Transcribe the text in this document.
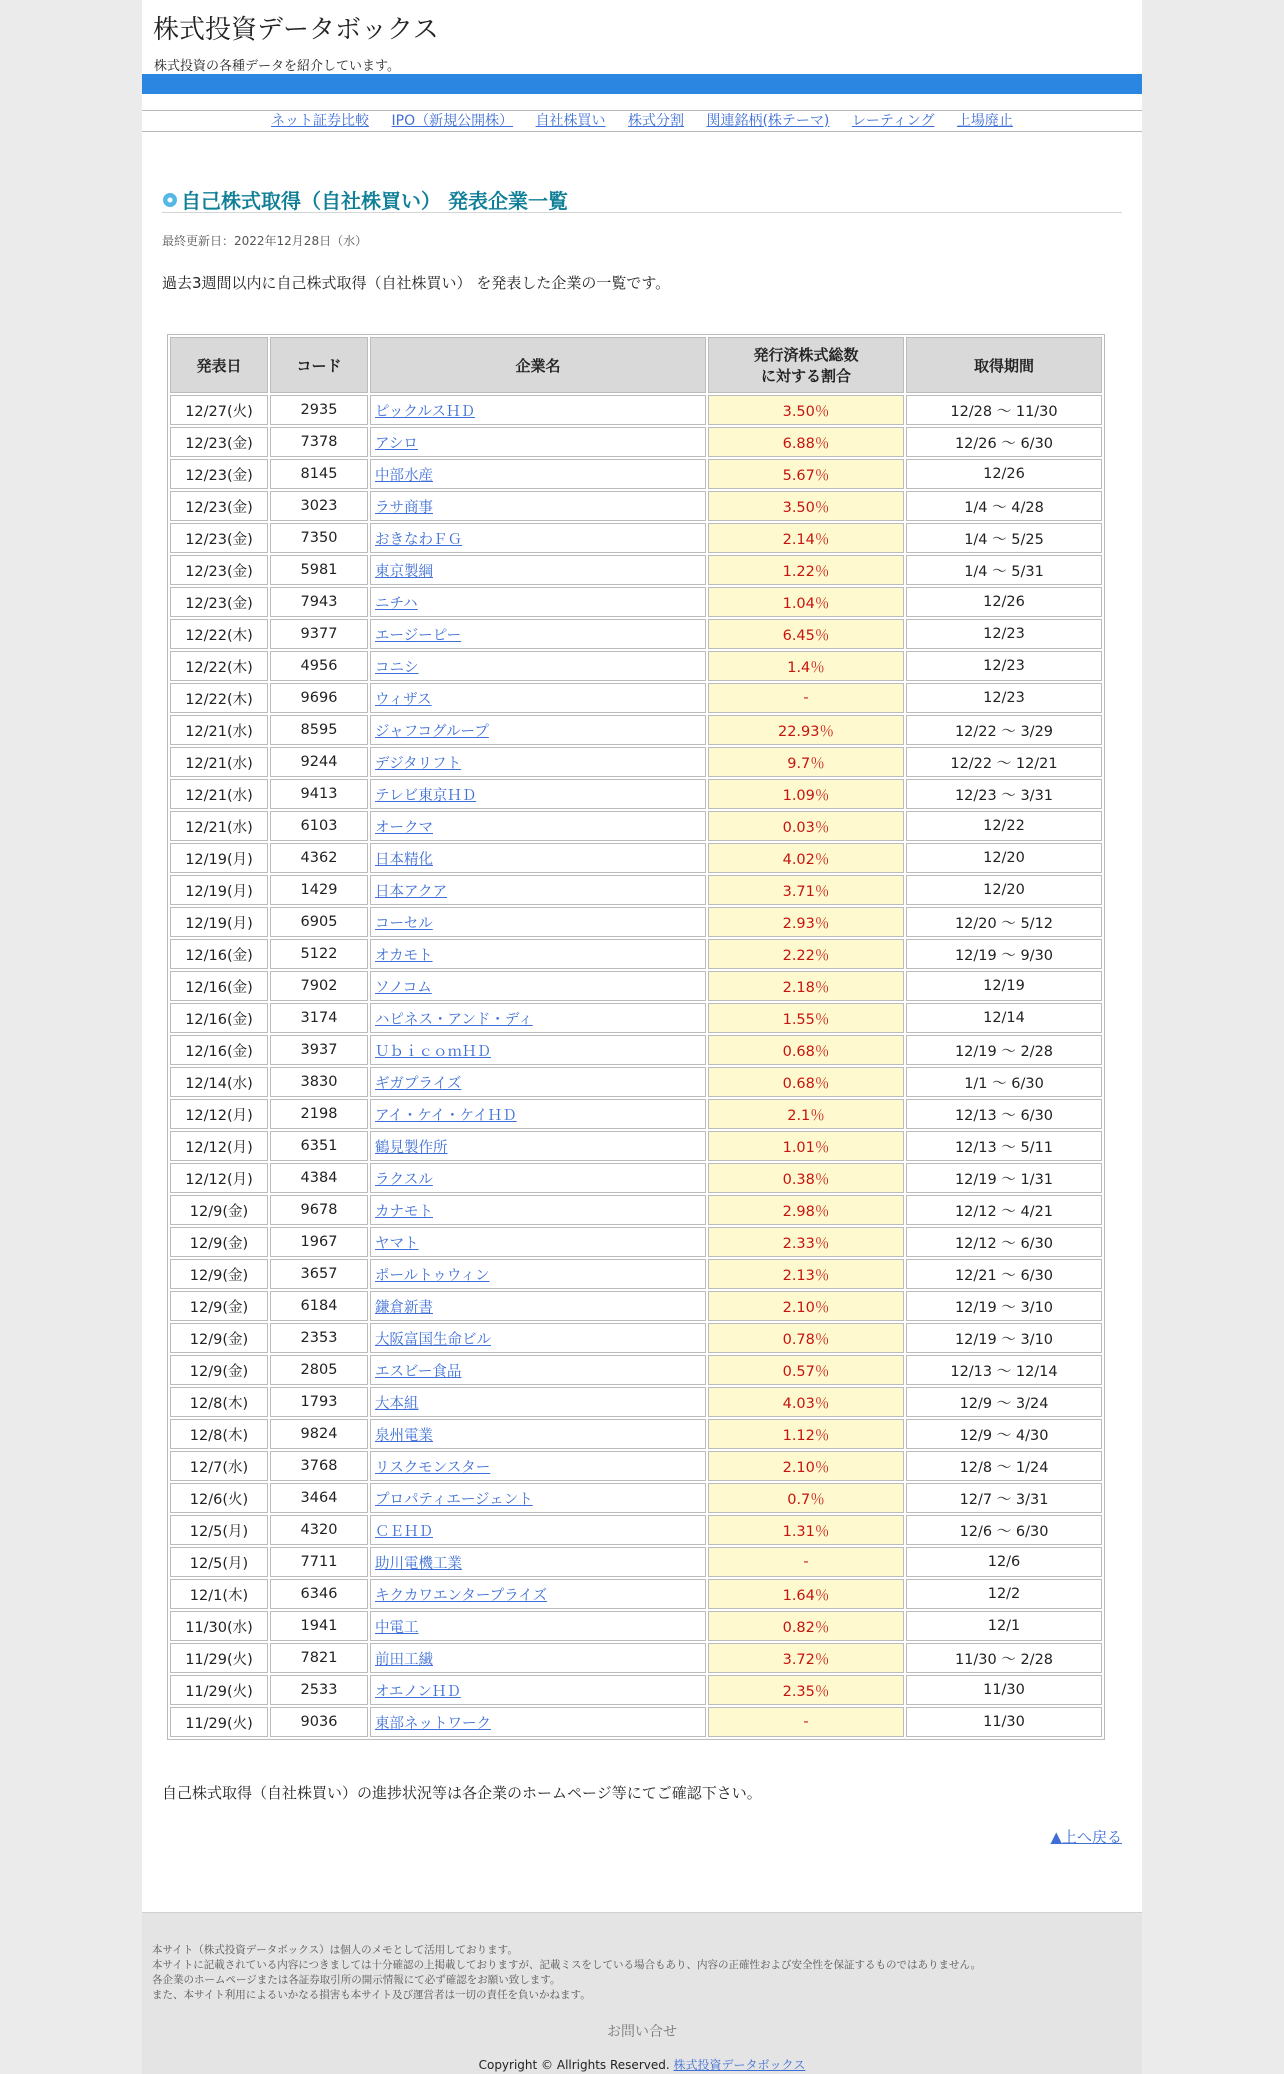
株式投資データボックス
株式投資の各種データを紹介しています。
ネット証券比較 IPO（新規公開株） 自社株買い 株式分割 関連銘柄(株テーマ) レーティング 上場廃止
自己株式取得（自社株買い） 発表企業一覧
最終更新日：2022年12月28日（水）
過去3週間以内に自己株式取得（自社株買い） を発表した企業の一覧です。
発表日	コード	企業名	発行済株式総数
に対する割合	取得期間
12/27(火)	2935	ピックルスＨＤ	3.50％	12/28 ～ 11/30
12/23(金)	7378	アシロ	6.88％	12/26 ～ 6/30
12/23(金)	8145	中部水産	5.67％	12/26
12/23(金)	3023	ラサ商事	3.50％	1/4 ～ 4/28
12/23(金)	7350	おきなわＦＧ	2.14％	1/4 ～ 5/25
12/23(金)	5981	東京製綱	1.22％	1/4 ～ 5/31
12/23(金)	7943	ニチハ	1.04％	12/26
12/22(木)	9377	エージーピー	6.45％	12/23
12/22(木)	4956	コニシ	1.4％	12/23
12/22(木)	9696	ウィザス	-	12/23
12/21(水)	8595	ジャフコグループ	22.93％	12/22 ～ 3/29
12/21(水)	9244	デジタリフト	9.7％	12/22 ～ 12/21
12/21(水)	9413	テレビ東京ＨＤ	1.09％	12/23 ～ 3/31
12/21(水)	6103	オークマ	0.03％	12/22
12/19(月)	4362	日本精化	4.02％	12/20
12/19(月)	1429	日本アクア	3.71％	12/20
12/19(月)	6905	コーセル	2.93％	12/20 ～ 5/12
12/16(金)	5122	オカモト	2.22％	12/19 ～ 9/30
12/16(金)	7902	ソノコム	2.18％	12/19
12/16(金)	3174	ハピネス・アンド・ディ	1.55％	12/14
12/16(金)	3937	ＵｂｉｃｏｍＨＤ	0.68％	12/19 ～ 2/28
12/14(水)	3830	ギガプライズ	0.68％	1/1 ～ 6/30
12/12(月)	2198	アイ・ケイ・ケイＨＤ	2.1％	12/13 ～ 6/30
12/12(月)	6351	鶴見製作所	1.01％	12/13 ～ 5/11
12/12(月)	4384	ラクスル	0.38％	12/19 ～ 1/31
12/9(金)	9678	カナモト	2.98％	12/12 ～ 4/21
12/9(金)	1967	ヤマト	2.33％	12/12 ～ 6/30
12/9(金)	3657	ポールトゥウィン	2.13％	12/21 ～ 6/30
12/9(金)	6184	鎌倉新書	2.10％	12/19 ～ 3/10
12/9(金)	2353	大阪富国生命ビル	0.78％	12/19 ～ 3/10
12/9(金)	2805	エスビー食品	0.57％	12/13 ～ 12/14
12/8(木)	1793	大本組	4.03％	12/9 ～ 3/24
12/8(木)	9824	泉州電業	1.12％	12/9 ～ 4/30
12/7(水)	3768	リスクモンスター	2.10％	12/8 ～ 1/24
12/6(火)	3464	プロパティエージェント	0.7％	12/7 ～ 3/31
12/5(月)	4320	ＣＥＨＤ	1.31％	12/6 ～ 6/30
12/5(月)	7711	助川電機工業	-	12/6
12/1(木)	6346	キクカワエンタープライズ	1.64％	12/2
11/30(水)	1941	中電工	0.82％	12/1
11/29(火)	7821	前田工繊	3.72％	11/30 ～ 2/28
11/29(火)	2533	オエノンＨＤ	2.35％	11/30
11/29(火)	9036	東部ネットワーク	-	11/30
自己株式取得（自社株買い）の進捗状況等は各企業のホームページ等にてご確認下さい。
▲上へ戻る
本サイト（株式投資データボックス）は個人のメモとして活用しております。
本サイトに記載されている内容につきましては十分確認の上掲載しておりますが、記載ミスをしている場合もあり、内容の正確性および安全性を保証するものではありません。
各企業のホームページまたは各証券取引所の開示情報にて必ず確認をお願い致します。
また、本サイト利用によるいかなる損害も本サイト及び運営者は一切の責任を負いかねます。
お問い合せ
Copyright © Allrights Reserved. 株式投資データボックス
